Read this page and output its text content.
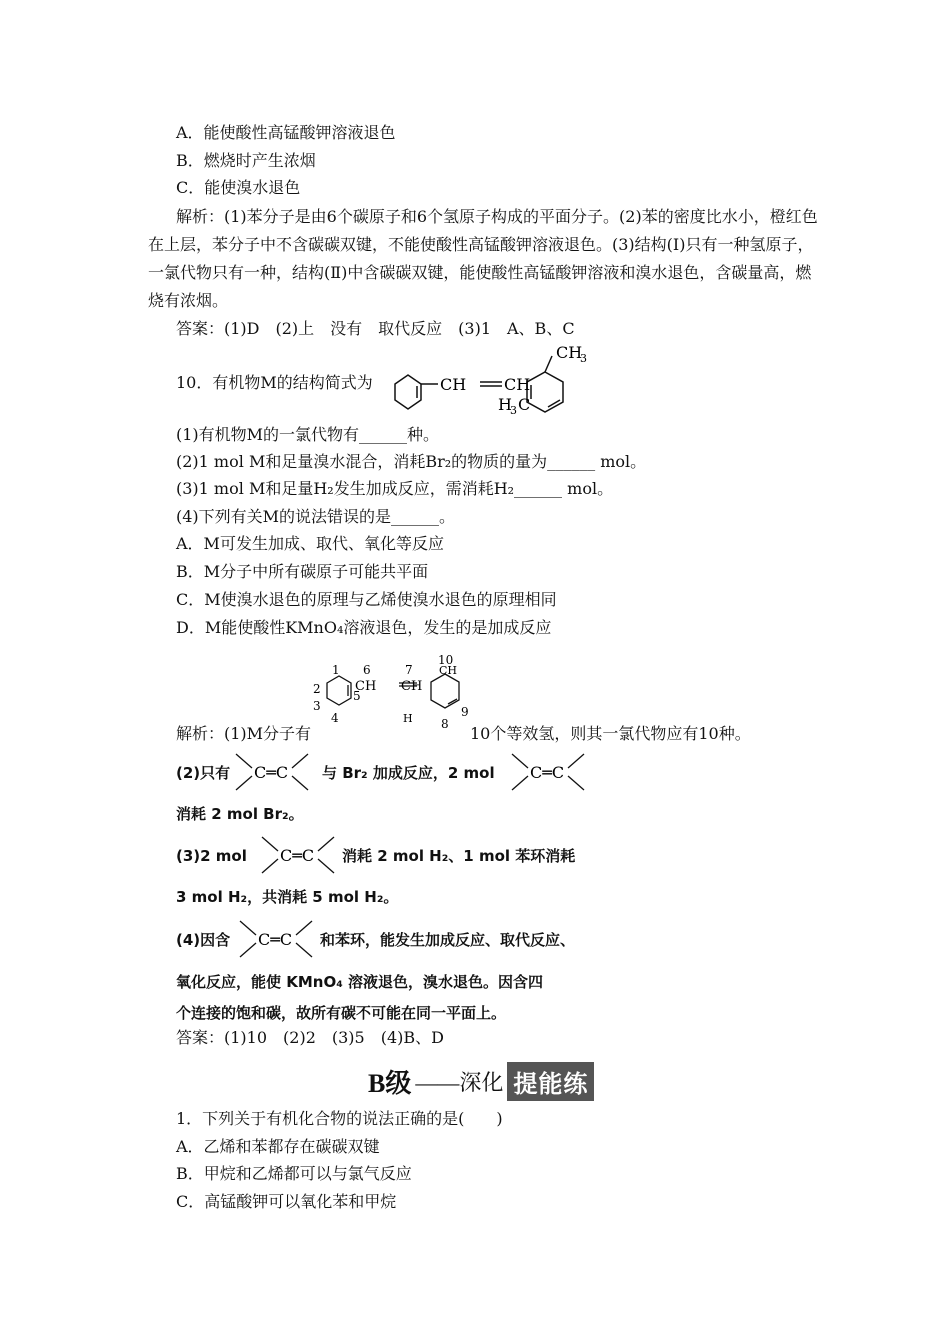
A．能使酸性高锰酸钾溶液退色
B．燃烧时产生浓烟
C．能使溴水退色
解析：(1)苯分子是由6个碳原子和6个氢原子构成的平面分子。(2)苯的密度比水小，橙红色在上层，苯分子中不含碳碳双键，不能使酸性高锰酸钾溶液退色。(3)结构(Ⅰ)只有一种氢原子，一氯代物只有一种，结构(Ⅱ)中含碳碳双键，能使酸性高锰酸钾溶液和溴水退色，含碳量高，燃烧有浓烟。
答案：(1)D　(2)上　没有　取代反应　(3)1　A、B、C
10．有机物M的结构简式为	CH CH
CH
3
H
3 C
(1)有机物M的一氯代物有______种。
(2)1 mol M和足量溴水混合，消耗Br₂的物质的量为______ mol。
(3)1 mol M和足量H₂发生加成反应，需消耗H₂______ mol。
(4)下列有关M的说法错误的是______。
A．M可发生加成、取代、氧化等反应
B．M分子中所有碳原子可能共平面
C．M使溴水退色的原理与乙烯使溴水退色的原理相同
D．M能使酸性KMnO₄溶液退色，发生的是加成反应
1
2
3
4
5
6
CH
7
CH
10
CH
H 8
9
解析：(1)M分子有	10个等效氢，则其一氯代物应有10种。
(2)只有 C═C 与 Br₂ 加成反应，2 mol C═C
消耗 2 mol Br₂。
(3)2 mol C═C 消耗 2 mol H₂、1 mol 苯环消耗
3 mol H₂，共消耗 5 mol H₂。
(4)因含 C═C 和苯环，能发生加成反应、取代反应、
氧化反应，能使 KMnO₄ 溶液退色，溴水退色。因含四
个连接的饱和碳，故所有碳不可能在同一平面上。
答案：(1)10　(2)2　(3)5　(4)B、D
B级 ——深化 提能练
1．下列关于有机化合物的说法正确的是(　　)
A．乙烯和苯都存在碳碳双键
B．甲烷和乙烯都可以与氯气反应
C．高锰酸钾可以氧化苯和甲烷
